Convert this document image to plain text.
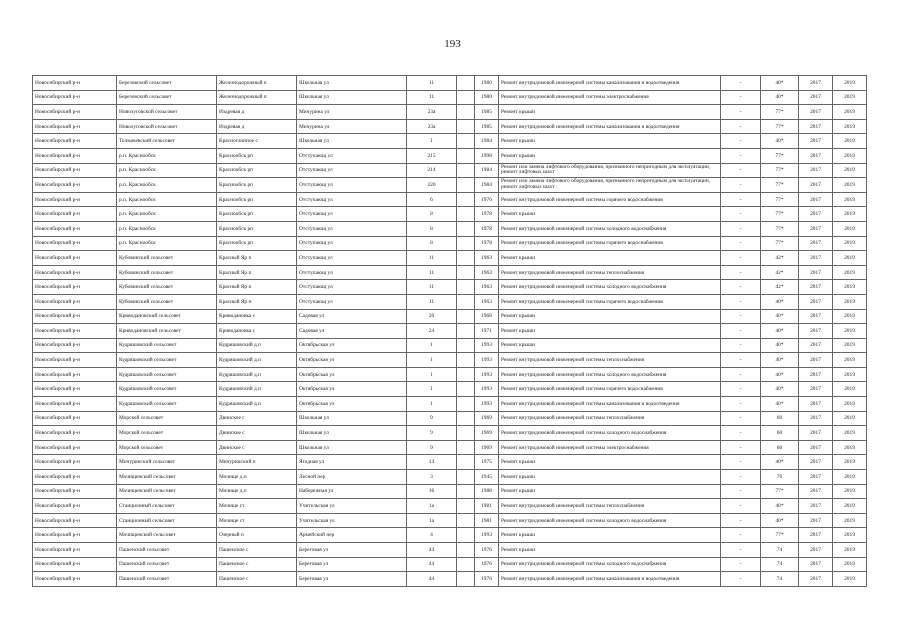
193
Новосибирский р-н	Березовский сельсовет	Железнодорожный п	Школьная ул	11		1980	Ремонт внутридомовой инженерной системы канализования и водоотведения	-	40*	2017	2019
Новосибирский р-н	Березовский сельсовет	Железнодорожный п	Школьная ул	11		1980	Ремонт внутридомовой инженерной системы электроснабжения	-	40*	2017	2019
Новосибирский р-н	Новолуговской сельсовет	Издревая д	Мичурина ул	23а		1985	Ремонт крыши	-	77*	2017	2019
Новосибирский р-н	Новолуговской сельсовет	Издревая д	Мичурина ул	23а		1985	Ремонт внутридомовой инженерной системы канализования и водоотведения	-	77*	2017	2019
Новосибирский р-н	Толмачевский сельсовет	Красноглинное с	Школьная ул	1		1984	Ремонт крыши	-	40*	2017	2019
Новосибирский р-н	р.п. Краснообск	Краснообск рп	Отступающ ул	215		1998	Ремонт крыши	-	77*	2017	2019
Новосибирский р-н	р.п. Краснообск	Краснообск рп	Отступающ ул	214		1984	Ремонт или замена лифтового оборудования, признанного непригодным для эксплуатации, ремонт лифтовых шахт	-	77*	2017	2019
Новосибирский р-н	р.п. Краснообск	Краснообск рп	Отступающ ул	220		1984	Ремонт или замена лифтового оборудования, признанного непригодным для эксплуатации, ремонт лифтовых шахт	-	77*	2017	2019
Новосибирский р-н	р.п. Краснообск	Краснообск рп	Отступающ ул	6		1976	Ремонт внутридомовой инженерной системы горячего водоснабжения	-	77*	2017	2019
Новосибирский р-н	р.п. Краснообск	Краснообск рп	Отступающ ул	8		1978	Ремонт крыши	-	77*	2017	2019
Новосибирский р-н	р.п. Краснообск	Краснообск рп	Отступающ ул	8		1978	Ремонт внутридомовой инженерной системы холодного водоснабжения	-	77*	2017	2019
Новосибирский р-н	р.п. Краснообск	Краснообск рп	Отступающ ул	8		1978	Ремонт внутридомовой инженерной системы горячего водоснабжения	-	77*	2017	2019
Новосибирский р-н	Кубовинский сельсовет	Красный Яр п	Отступающ ул	11		1963	Ремонт крыши	-	42*	2017	2019
Новосибирский р-н	Кубовинский сельсовет	Красный Яр п	Отступающ ул	11		1963	Ремонт внутридомовой инженерной системы теплоснабжения	-	42*	2017	2019
Новосибирский р-н	Кубовинский сельсовет	Красный Яр п	Отступающ ул	11		1963	Ремонт внутридомовой инженерной системы холодного водоснабжения	-	42*	2017	2019
Новосибирский р-н	Кубовинский сельсовет	Красный Яр п	Отступающ ул	11		1963	Ремонт внутридомовой инженерной системы горячего водоснабжения	-	40*	2017	2019
Новосибирский р-н	Криводановский сельсовет	Криводановка с	Садовая ул	20		1968	Ремонт крыши	-	40*	2017	2019
Новосибирский р-н	Криводановский сельсовет	Криводановка с	Садовая ул	24		1971	Ремонт крыши	-	40*	2017	2019
Новосибирский р-н	Кудряшовский сельсовет	Кудряшовский д.п	Октябрьская ул	1		1993	Ремонт крыши	-	40*	2017	2019
Новосибирский р-н	Кудряшовский сельсовет	Кудряшовский д.п	Октябрьская ул	1		1993	Ремонт внутридомовой инженерной системы теплоснабжения	-	40*	2017	2019
Новосибирский р-н	Кудряшовский сельсовет	Кудряшовский д.п	Октябрьская ул	1		1993	Ремонт внутридомовой инженерной системы холодного водоснабжения	-	40*	2017	2019
Новосибирский р-н	Кудряшовский сельсовет	Кудряшовский д.п	Октябрьская ул	1		1993	Ремонт внутридомовой инженерной системы горячего водоснабжения	-	40*	2017	2019
Новосибирский р-н	Кудряшовский сельсовет	Кудряшовский д.п	Октябрьская ул	1		1993	Ремонт внутридомовой инженерной системы канализования и водоотведения	-	40*	2017	2019
Новосибирский р-н	Морской сельсовет	Двинское с	Школьная ул	9		1969	Ремонт внутридомовой инженерной системы теплоснабжения	-	60	2017	2019
Новосибирский р-н	Морской сельсовет	Двинское с	Школьная ул	9		1969	Ремонт внутридомовой инженерной системы холодного водоснабжения	-	60	2017	2019
Новосибирский р-н	Морской сельсовет	Двинское с	Школьная ул	9		1969	Ремонт внутридомовой инженерной системы электроснабжения	-	60	2017	2019
Новосибирский р-н	Мичуринский сельсовет	Мичуринский п	Ягодная ул	14		1975	Ремонт крыши	-	40*	2017	2019
Новосибирский р-н	Мочищенский сельсовет	Мочище д.п	Лесной пер	3		1945	Ремонт крыши	-	70	2017	2019
Новосибирский р-н	Мочищенский сельсовет	Мочище д.п	Набережная ул	16		1988	Ремонт крыши	-	77*	2017	2019
Новосибирский р-н	Станционный сельсовет	Мочище ст	Учительская ул	1а		1981	Ремонт внутридомовой инженерной системы теплоснабжения	-	40*	2017	2019
Новосибирский р-н	Станционный сельсовет	Мочище ст	Учительская ул	1а		1981	Ремонт внутридомовой инженерной системы холодного водоснабжения	-	40*	2017	2019
Новосибирский р-н	Мочищенский сельсовет	Озерный п	Армейский пер	4		1993	Ремонт крыши	-	77*	2017	2019
Новосибирский р-н	Пашенский сельсовет	Пашенское с	Береговая ул	44		1976	Ремонт крыши	-	74	2017	2019
Новосибирский р-н	Пашенский сельсовет	Пашенское с	Береговая ул	44		1976	Ремонт внутридомовой инженерной системы холодного водоснабжения	-	74	2017	2019
Новосибирский р-н	Пашенский сельсовет	Пашенское с	Береговая ул	44		1976	Ремонт внутридомовой инженерной системы канализования и водоотведения	-	74	2017	2019
